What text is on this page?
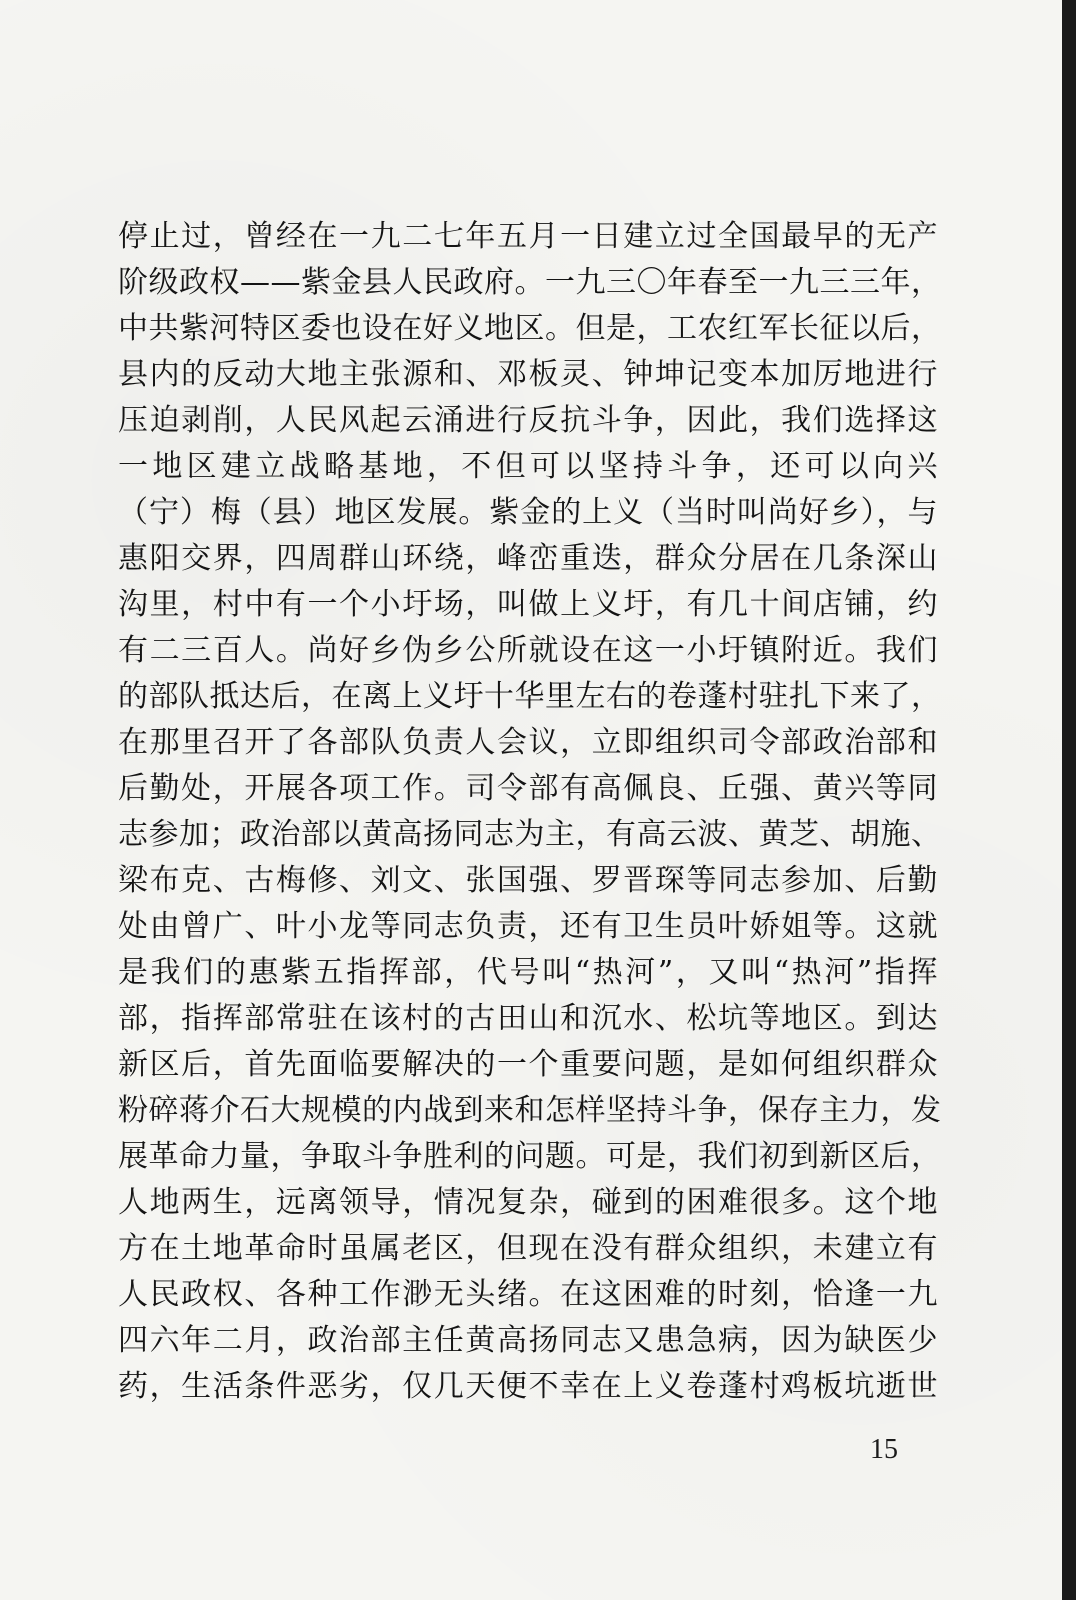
停止过，曾经在一九二七年五月一日建立过全国最早的无产
阶级政权——紫金县人民政府。一九三〇年春至一九三三年，
中共紫河特区委也设在好义地区。但是，工农红军长征以后，
县内的反动大地主张源和、邓板灵、钟坤记变本加厉地进行
压迫剥削，人民风起云涌进行反抗斗争，因此，我们选择这
一地区建立战略基地，不但可以坚持斗争，还可以向兴
（宁）梅（县）地区发展。紫金的上义（当时叫尚好乡），与
惠阳交界，四周群山环绕，峰峦重迭，群众分居在几条深山
沟里，村中有一个小圩场，叫做上义圩，有几十间店铺，约
有二三百人。尚好乡伪乡公所就设在这一小圩镇附近。我们
的部队抵达后，在离上义圩十华里左右的卷蓬村驻扎下来了，
在那里召开了各部队负责人会议，立即组织司令部政治部和
后勤处，开展各项工作。司令部有高佩良、丘强、黄兴等同
志参加；政治部以黄高扬同志为主，有高云波、黄芝、胡施、
梁布克、古梅修、刘文、张国强、罗晋琛等同志参加、后勤
处由曾广、叶小龙等同志负责，还有卫生员叶娇姐等。这就
是我们的惠紫五指挥部，代号叫“热河”，又叫“热河”指挥
部，指挥部常驻在该村的古田山和沉水、松坑等地区。到达
新区后，首先面临要解决的一个重要问题，是如何组织群众
粉碎蒋介石大规模的内战到来和怎样坚持斗争，保存主力，发
展革命力量，争取斗争胜利的问题。可是，我们初到新区后，
人地两生，远离领导，情况复杂，碰到的困难很多。这个地
方在土地革命时虽属老区，但现在没有群众组织，未建立有
人民政权、各种工作渺无头绪。在这困难的时刻，恰逢一九
四六年二月，政治部主任黄高扬同志又患急病，因为缺医少
药，生活条件恶劣，仅几天便不幸在上义卷蓬村鸡板坑逝世
15
